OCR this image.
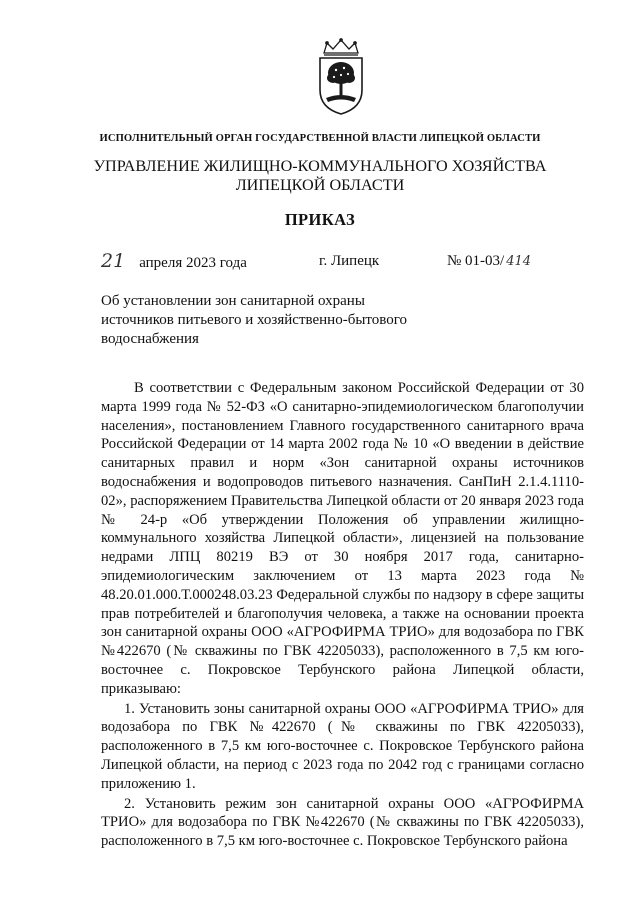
ИСПОЛНИТЕЛЬНЫЙ ОРГАН ГОСУДАРСТВЕННОЙ ВЛАСТИ ЛИПЕЦКОЙ ОБЛАСТИ
УПРАВЛЕНИЕ ЖИЛИЩНО-КОММУНАЛЬНОГО ХОЗЯЙСТВА
ЛИПЕЦКОЙ ОБЛАСТИ
ПРИКАЗ
21 апреля 2023 года	г. Липецк	№ 01-03/ 414
Об установлении зон санитарной охраны
источников питьевого и хозяйственно-бытового
водоснабжения

В соответствии с Федеральным законом Российской Федерации от 30 марта 1999 года № 52-ФЗ «О санитарно-эпидемиологическом благополучии населения», постановлением Главного государственного санитарного врача Российской Федерации от 14 марта 2002 года № 10 «О введении в действие санитарных правил и норм «Зон санитарной охраны источников водоснабжения и водопроводов питьевого назначения. СанПиН 2.1.4.1110-02», распоряжением Правительства Липецкой области от 20 января 2023 года № 24-р «Об утверждении Положения об управлении жилищно-коммунального хозяйства Липецкой области», лицензией на пользование недрами ЛПЦ 80219 ВЭ от 30 ноября 2017 года, санитарно-эпидемиологическим заключением от 13 марта 2023 года № 48.20.01.000.Т.000248.03.23 Федеральной службы по надзору в сфере защиты прав потребителей и благополучия человека, а также на основании проекта зон санитарной охраны ООО «АГРОФИРМА ТРИО» для водозабора по ГВК №422670 (№ скважины по ГВК 42205033), расположенного в 7,5 км юго-восточнее с. Покровское Тербунского района Липецкой области, приказываю:

1. Установить зоны санитарной охраны ООО «АГРОФИРМА ТРИО» для водозабора по ГВК №422670 (№ скважины по ГВК 42205033), расположенного в 7,5 км юго-восточнее с. Покровское Тербунского района Липецкой области, на период с 2023 года по 2042 год с границами согласно приложению 1.

2. Установить режим зон санитарной охраны ООО «АГРОФИРМА ТРИО» для водозабора по ГВК №422670 (№ скважины по ГВК 42205033), расположенного в 7,5 км юго-восточнее с. Покровское Тербунского района
